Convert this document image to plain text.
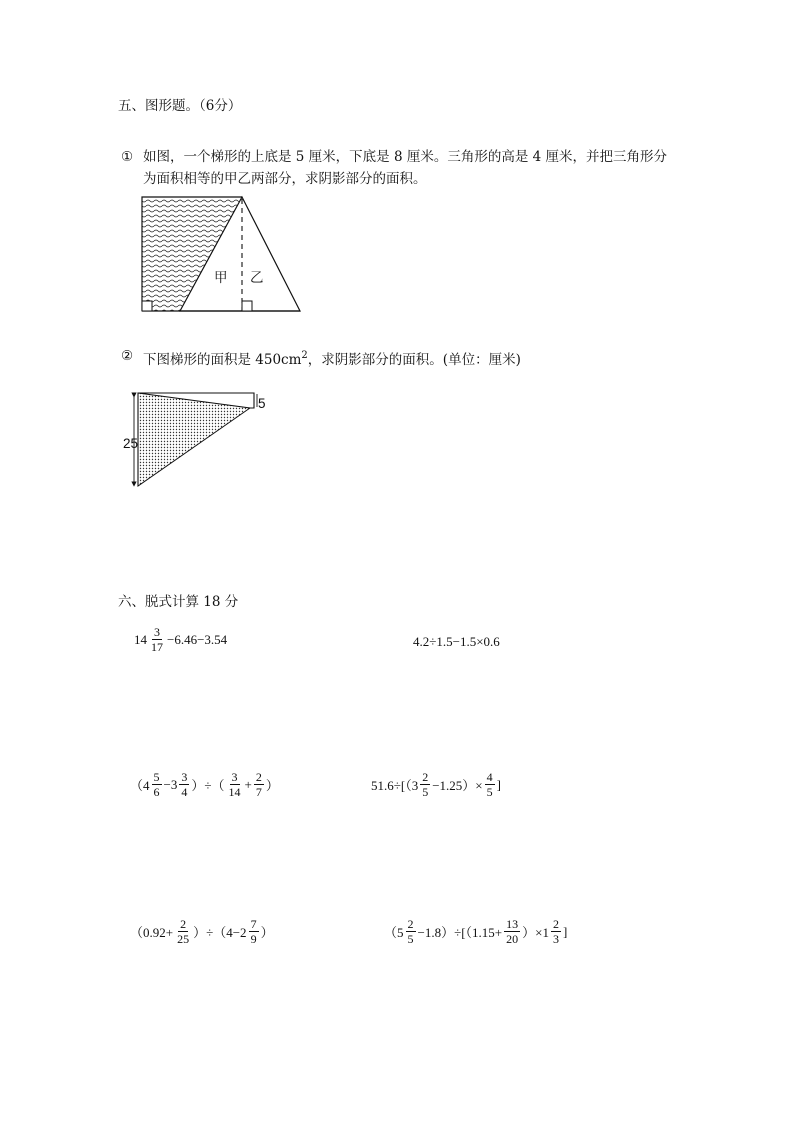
五、图形题。（6分）
① 如图，一个梯形的上底是 5 厘米，下底是 8 厘米。三角形的高是 4 厘米，并把三角形分
为面积相等的甲乙两部分，求阴影部分的面积。
甲 乙
② 下图梯形的面积是 $450cm^2$，求阴影部分的面积。(单位：厘米)
25
5
六、脱式计算 18 分
$14 \frac{3}{17} -6.46-3.54$	4.2÷1.5−1.5×0.6
（$4 \frac{5}{6} -3 \frac{3}{4}$ ）÷（ $\frac{3}{14} + \frac{2}{7}$ ）	$51.6\div[(3 \frac{2}{5} -1.25)\times \frac{4}{5}$ ]
$(0.92+ \frac{2}{25} )\div(4-2 \frac{7}{9}$ ）	$(5 \frac{2}{5} -1.8)\div[(1.15+ \frac{13}{20} )\times 1 \frac{2}{3}$ ]
